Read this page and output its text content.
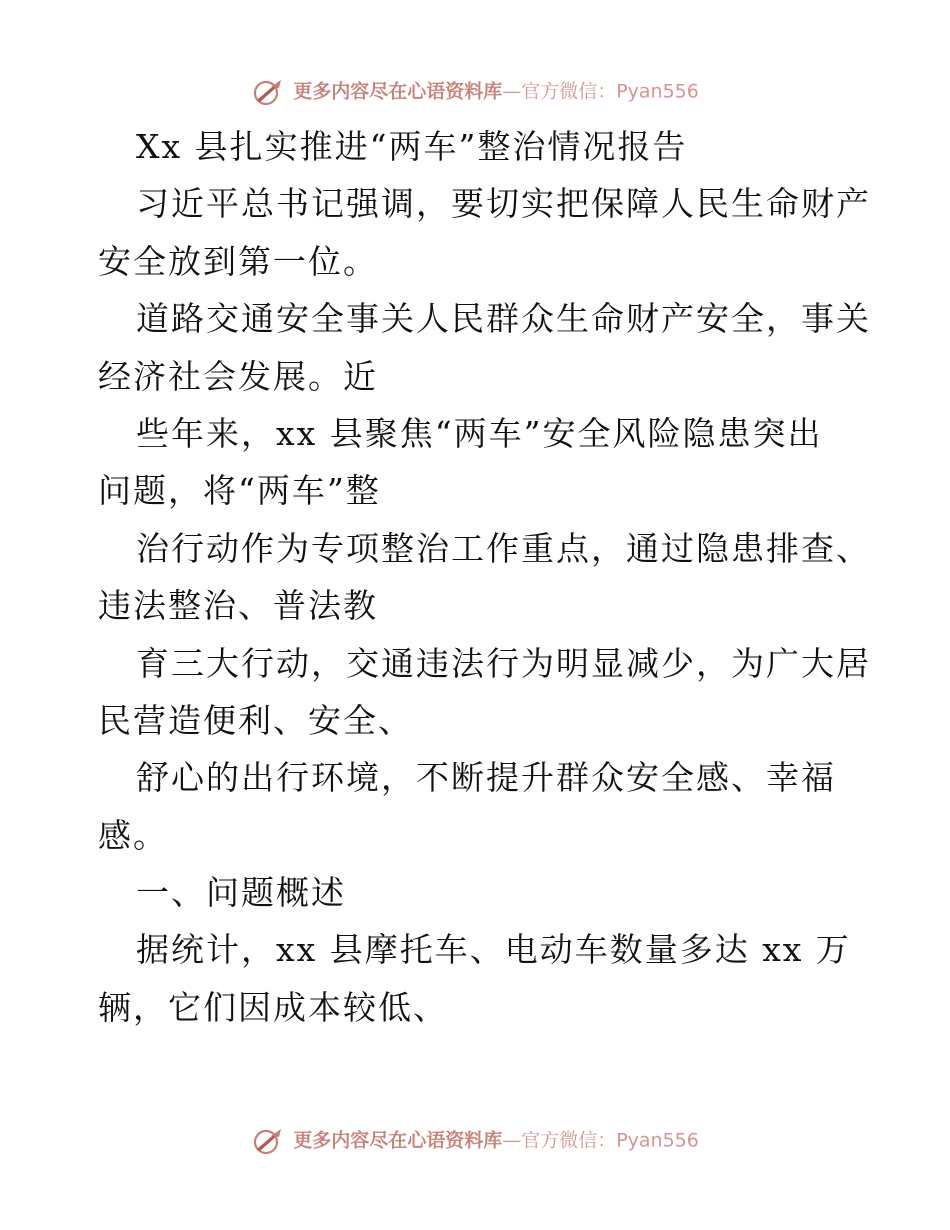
更多内容尽在心语资料库—官方微信：Pyan556
Xx 县扎实推进“两车”整治情况报告
习近平总书记强调，要切实把保障人民生命财产
安全放到第一位。
道路交通安全事关人民群众生命财产安全，事关
经济社会发展。近
些年来，xx 县聚焦“两车”安全风险隐患突出
问题，将“两车”整
治行动作为专项整治工作重点，通过隐患排查、
违法整治、普法教
育三大行动，交通违法行为明显减少，为广大居
民营造便利、安全、
舒心的出行环境，不断提升群众安全感、幸福
感。
一、问题概述
据统计，xx 县摩托车、电动车数量多达 xx 万
辆，它们因成本较低、
更多内容尽在心语资料库—官方微信：Pyan556
